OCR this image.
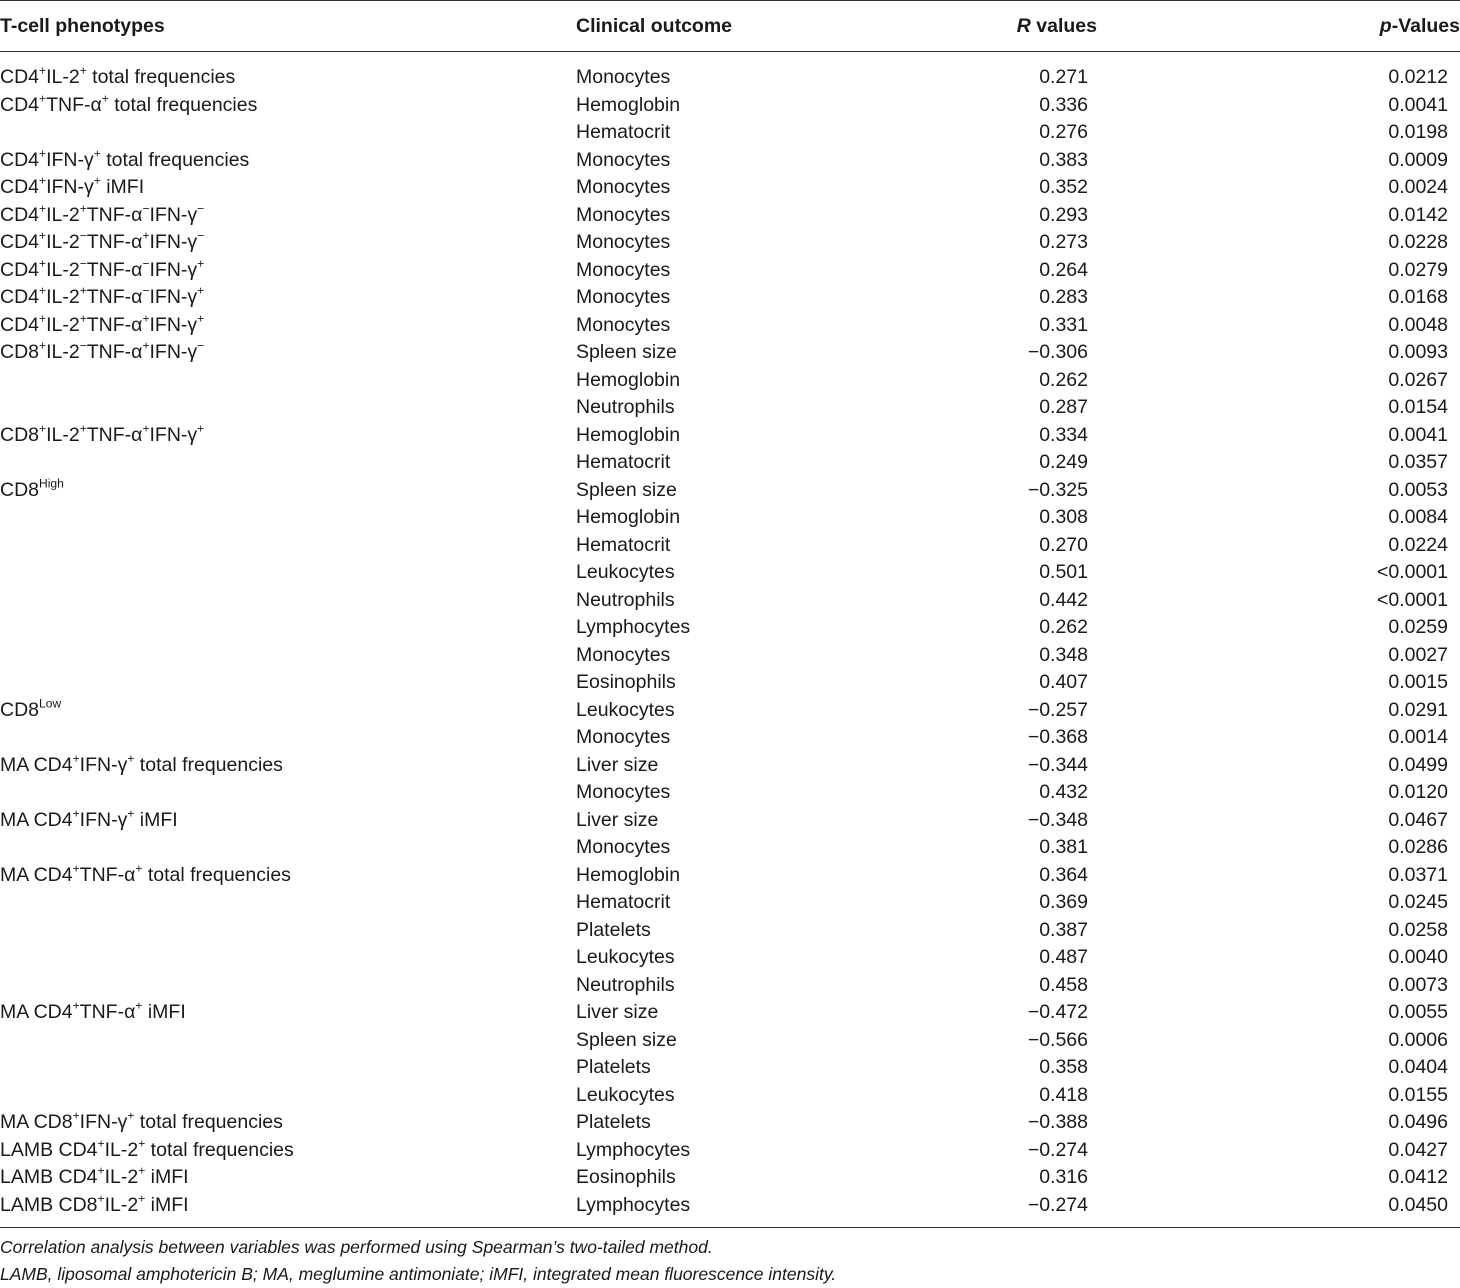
T-cell phenotypes	Clinical outcome	R values	p-Values
CD4+IL-2+ total frequencies	Monocytes	0.271	0.0212
CD4+TNF-α+ total frequencies	Hemoglobin	0.336	0.0041
	Hematocrit	0.276	0.0198
CD4+IFN-γ+ total frequencies	Monocytes	0.383	0.0009
CD4+IFN-γ+ iMFI	Monocytes	0.352	0.0024
CD4+IL-2+TNF-α−IFN-γ−	Monocytes	0.293	0.0142
CD4+IL-2−TNF-α+IFN-γ−	Monocytes	0.273	0.0228
CD4+IL-2−TNF-α−IFN-γ+	Monocytes	0.264	0.0279
CD4+IL-2+TNF-α−IFN-γ+	Monocytes	0.283	0.0168
CD4+IL-2+TNF-α+IFN-γ+	Monocytes	0.331	0.0048
CD8+IL-2−TNF-α+IFN-γ−	Spleen size	−0.306	0.0093
	Hemoglobin	0.262	0.0267
	Neutrophils	0.287	0.0154
CD8+IL-2+TNF-α+IFN-γ+	Hemoglobin	0.334	0.0041
	Hematocrit	0.249	0.0357
$CD8^{High}$	Spleen size	−0.325	0.0053
	Hemoglobin	0.308	0.0084
	Hematocrit	0.270	0.0224
	Leukocytes	0.501	<0.0001
	Neutrophils	0.442	<0.0001
	Lymphocytes	0.262	0.0259
	Monocytes	0.348	0.0027
	Eosinophils	0.407	0.0015
$CD8^{Low}$	Leukocytes	−0.257	0.0291
	Monocytes	−0.368	0.0014
MA CD4+IFN-γ+ total frequencies	Liver size	−0.344	0.0499
	Monocytes	0.432	0.0120
MA CD4+IFN-γ+ iMFI	Liver size	−0.348	0.0467
	Monocytes	0.381	0.0286
MA CD4+TNF-α+ total frequencies	Hemoglobin	0.364	0.0371
	Hematocrit	0.369	0.0245
	Platelets	0.387	0.0258
	Leukocytes	0.487	0.0040
	Neutrophils	0.458	0.0073
MA CD4+TNF-α+ iMFI	Liver size	−0.472	0.0055
	Spleen size	−0.566	0.0006
	Platelets	0.358	0.0404
	Leukocytes	0.418	0.0155
MA CD8+IFN-γ+ total frequencies	Platelets	−0.388	0.0496
LAMB CD4+IL-2+ total frequencies	Lymphocytes	−0.274	0.0427
LAMB CD4+IL-2+ iMFI	Eosinophils	0.316	0.0412
LAMB CD8+IL-2+ iMFI	Lymphocytes	−0.274	0.0450
Correlation analysis between variables was performed using Spearman’s two-tailed method.
LAMB, liposomal amphotericin B; MA, meglumine antimoniate; iMFI, integrated mean fluorescence intensity.
